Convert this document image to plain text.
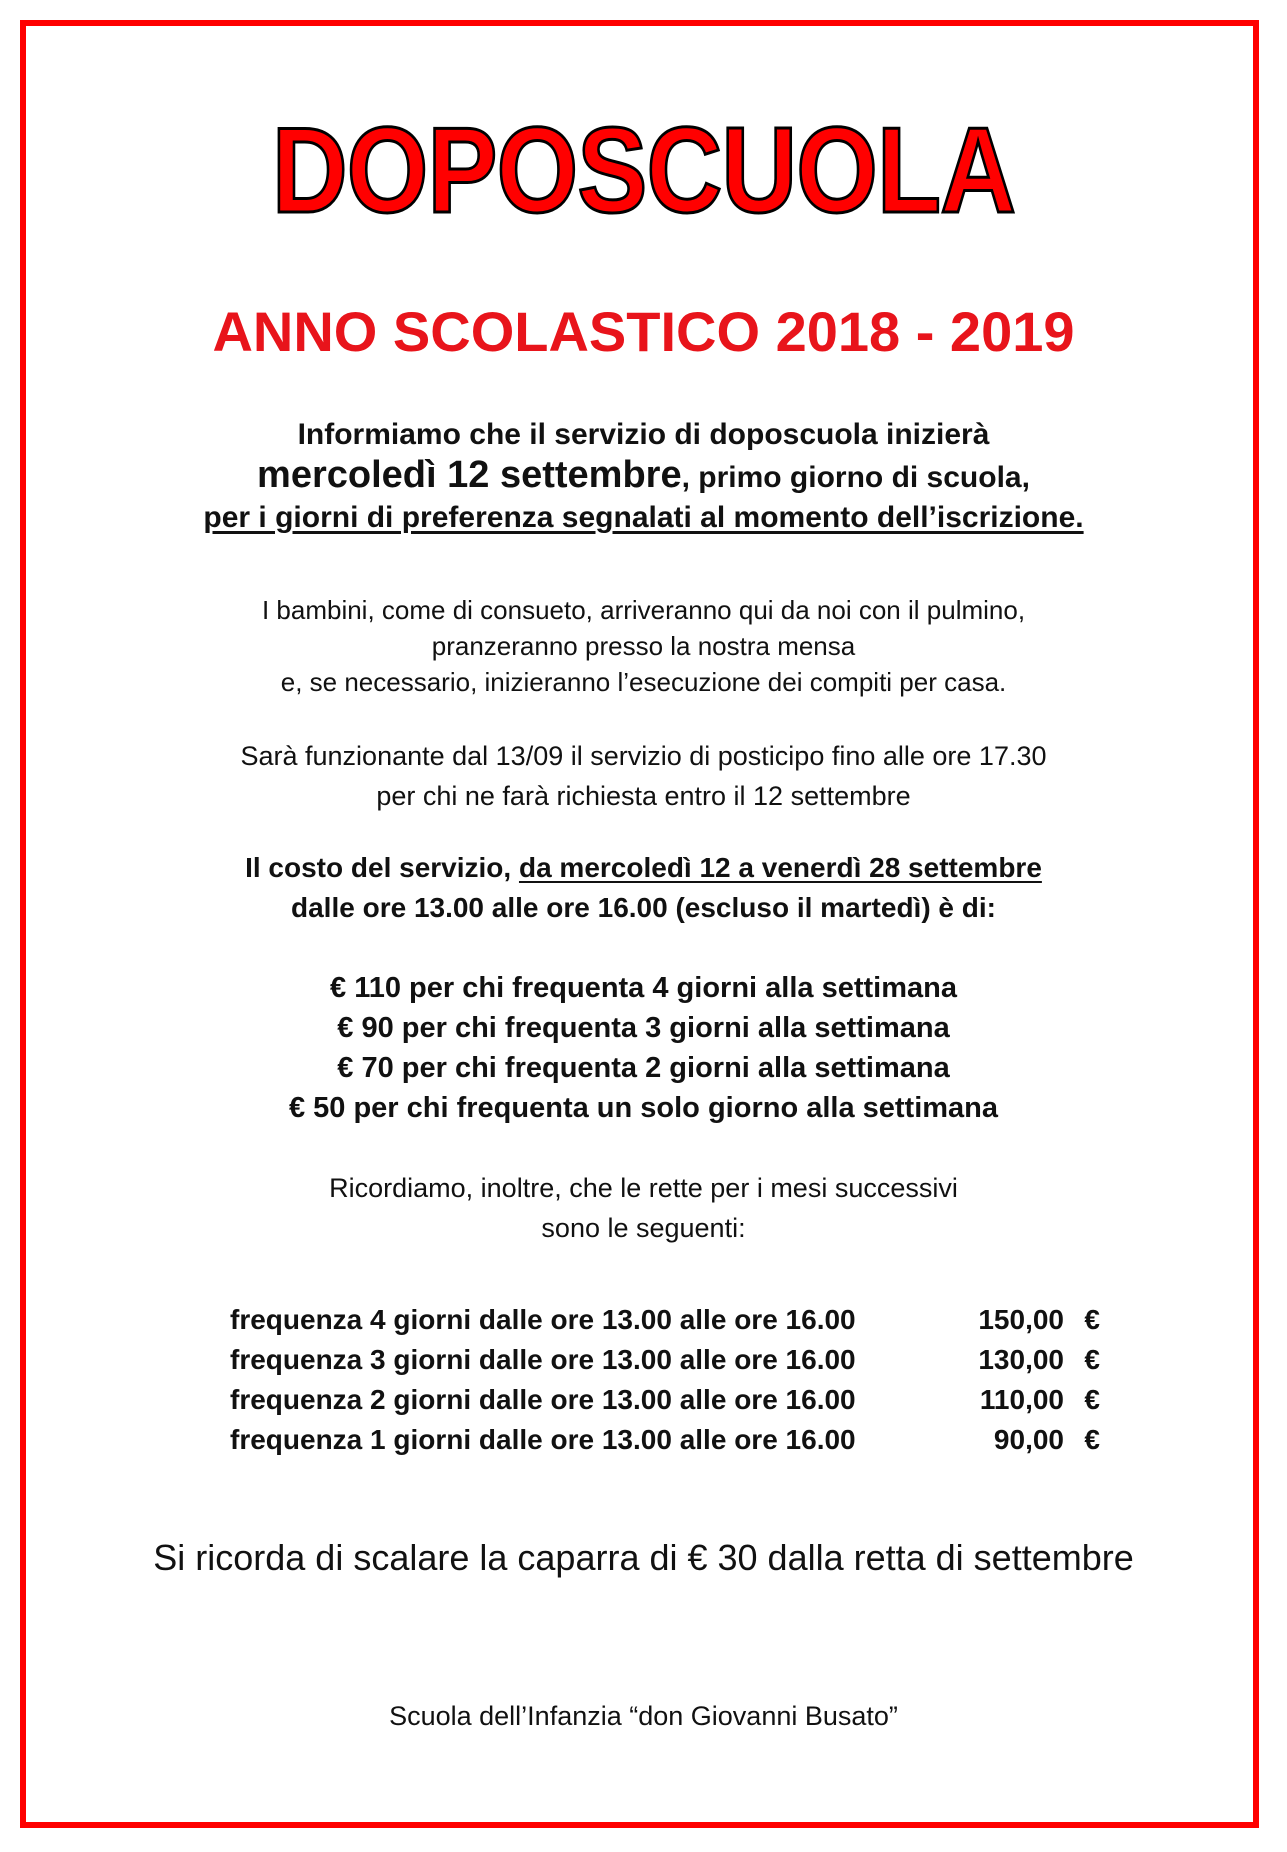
DOPOSCUOLA
ANNO SCOLASTICO 2018 - 2019
Informiamo che il servizio di doposcuola inizierà
mercoledì 12 settembre, primo giorno di scuola,
per i giorni di preferenza segnalati al momento dell’iscrizione.
I bambini, come di consueto, arriveranno qui da noi con il pulmino,
pranzeranno presso la nostra mensa
e, se necessario, inizieranno l’esecuzione dei compiti per casa.
Sarà funzionante dal 13/09 il servizio di posticipo fino alle ore 17.30
per chi ne farà richiesta entro il 12 settembre
Il costo del servizio, da mercoledì 12 a venerdì 28 settembre
dalle ore 13.00 alle ore 16.00 (escluso il martedì) è di:
€ 110 per chi frequenta 4 giorni alla settimana
€ 90 per chi frequenta 3 giorni alla settimana
€ 70 per chi frequenta 2 giorni alla settimana
€ 50 per chi frequenta un solo giorno alla settimana
Ricordiamo, inoltre, che le rette per i mesi successivi
sono le seguenti:
frequenza 4 giorni dalle ore 13.00 alle ore 16.00	150,00 €
frequenza 3 giorni dalle ore 13.00 alle ore 16.00	130,00 €
frequenza 2 giorni dalle ore 13.00 alle ore 16.00	110,00 €
frequenza 1 giorni dalle ore 13.00 alle ore 16.00	90,00 €
Si ricorda di scalare la caparra di € 30 dalla retta di settembre
Scuola dell’Infanzia “don Giovanni Busato”
